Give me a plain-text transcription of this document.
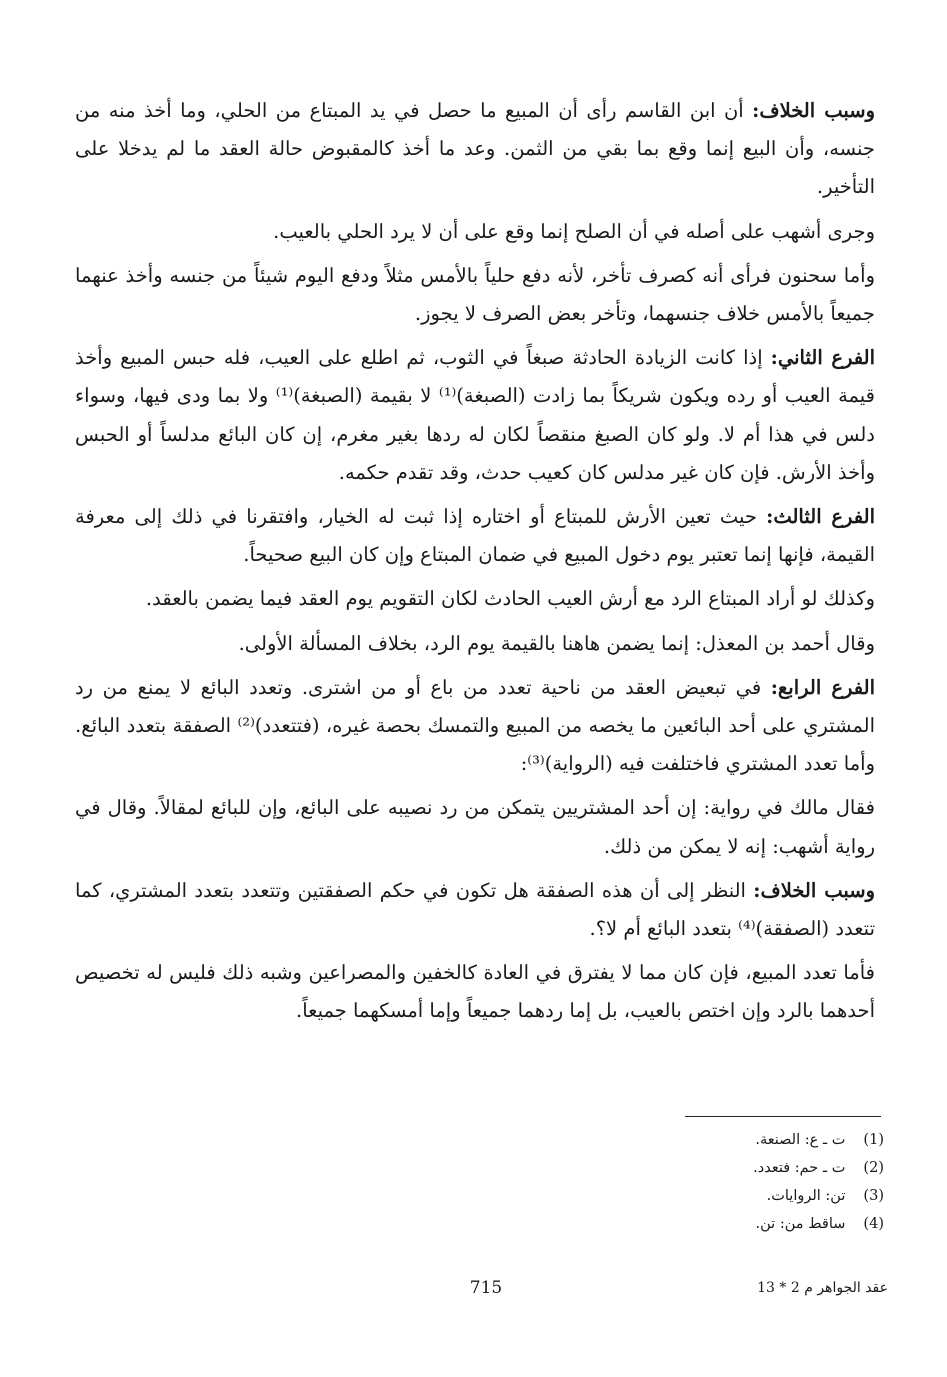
وسبب الخلاف: أن ابن القاسم رأى أن المبيع ما حصل في يد المبتاع من الحلي، وما أخذ منه من جنسه، وأن البيع إنما وقع بما بقي من الثمن. وعد ما أخذ كالمقبوض حالة العقد ما لم يدخلا على التأخير.

وجرى أشهب على أصله في أن الصلح إنما وقع على أن لا يرد الحلي بالعيب.

وأما سحنون فرأى أنه كصرف تأخر، لأنه دفع حلياً بالأمس مثلاً ودفع اليوم شيئاً من جنسه وأخذ عنهما جميعاً بالأمس خلاف جنسهما، وتأخر بعض الصرف لا يجوز.

الفرع الثاني: إذا كانت الزيادة الحادثة صبغاً في الثوب، ثم اطلع على العيب، فله حبس المبيع وأخذ قيمة العيب أو رده ويكون شريكاً بما زادت (الصبغة)⁽¹⁾ لا بقيمة (الصبغة)⁽¹⁾ ولا بما ودى فيها، وسواء دلس في هذا أم لا. ولو كان الصبغ منقصاً لكان له ردها بغير مغرم، إن كان البائع مدلساً أو الحبس وأخذ الأرش. فإن كان غير مدلس كان كعيب حدث، وقد تقدم حكمه.

الفرع الثالث: حيث تعين الأرش للمبتاع أو اختاره إذا ثبت له الخيار، وافتقرنا في ذلك إلى معرفة القيمة، فإنها إنما تعتبر يوم دخول المبيع في ضمان المبتاع وإن كان البيع صحيحاً.

وكذلك لو أراد المبتاع الرد مع أرش العيب الحادث لكان التقويم يوم العقد فيما يضمن بالعقد.

وقال أحمد بن المعذل: إنما يضمن هاهنا بالقيمة يوم الرد، بخلاف المسألة الأولى.

الفرع الرابع: في تبعيض العقد من ناحية تعدد من باع أو من اشترى. وتعدد البائع لا يمنع من رد المشتري على أحد البائعين ما يخصه من المبيع والتمسك بحصة غيره، (فتتعدد)⁽²⁾ الصفقة بتعدد البائع. وأما تعدد المشتري فاختلفت فيه (الرواية)⁽³⁾:

فقال مالك في رواية: إن أحد المشتريين يتمكن من رد نصيبه على البائع، وإن للبائع لمقالاً. وقال في رواية أشهب: إنه لا يمكن من ذلك.

وسبب الخلاف: النظر إلى أن هذه الصفقة هل تكون في حكم الصفقتين وتتعدد بتعدد المشتري، كما تتعدد (الصفقة)⁽⁴⁾ بتعدد البائع أم لا؟.

فأما تعدد المبيع، فإن كان مما لا يفترق في العادة كالخفين والمصراعين وشبه ذلك فليس له تخصيص أحدهما بالرد وإن اختص بالعيب، بل إما ردهما جميعاً وإما أمسكهما جميعاً.

(1) ت ـ ع: الصنعة.
(2) ت ـ حم: فتعدد.
(3) تن: الروايات.
(4) ساقط من: تن.
715	عقد الجواهر م 2 * 13
